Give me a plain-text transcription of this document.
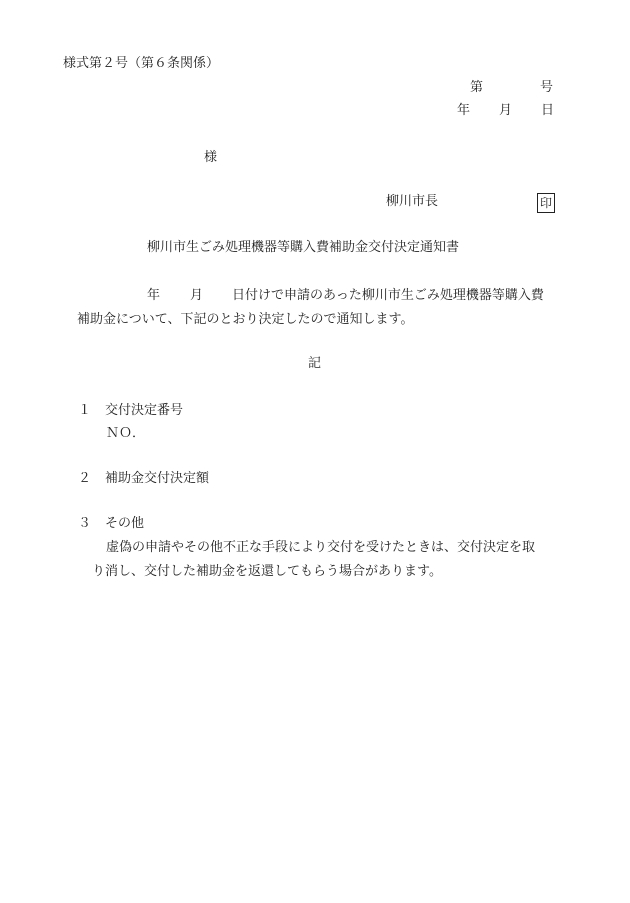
様式第２号（第６条関係）
第	号
年 月 日
様
柳川市長	印
柳川市生ごみ処理機器等購入費補助金交付決定通知書
年 月 日付けで申請のあった柳川市生ごみ処理機器等購入費
補助金について、下記のとおり決定したので通知します。
記
１ 交付決定番号
ＮＯ．
２ 補助金交付決定額
３ その他
虚偽の申請やその他不正な手段により交付を受けたときは、交付決定を取
り消し、交付した補助金を返還してもらう場合があります。
